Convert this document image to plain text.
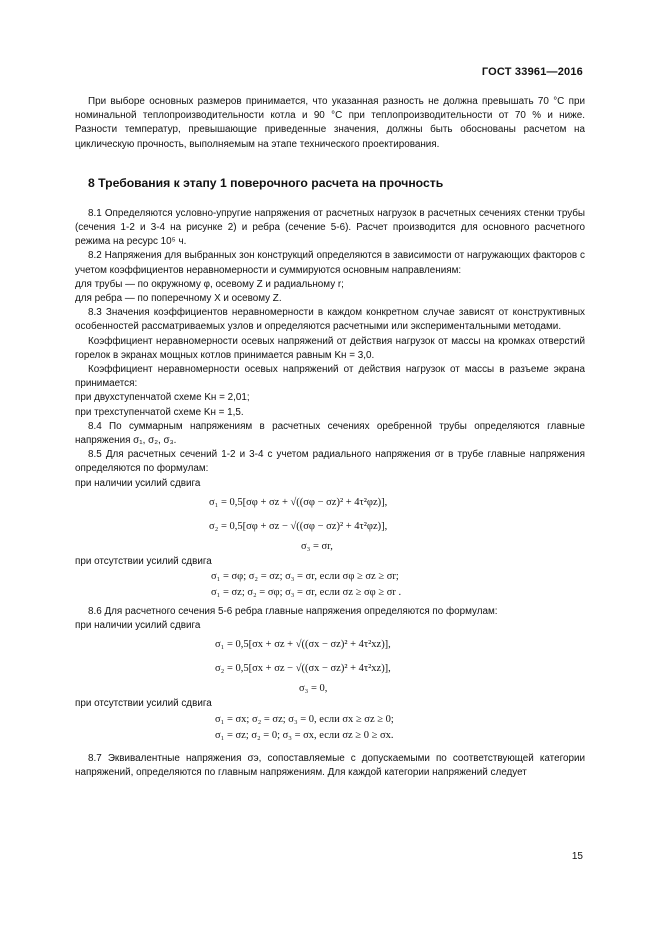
ГОСТ 33961—2016

При выборе основных размеров принимается, что указанная разность не должна превышать 70 °С при номинальной теплопроизводительности котла и 90 °С при теплопроизводительности от 70 % и ниже. Разности температур, превышающие приведенные значения, должны быть обоснованы расчетом на циклическую прочность, выполняемым на этапе технического проектирования.

8 Требования к этапу 1 поверочного расчета на прочность

8.1 Определяются условно-упругие напряжения от расчетных нагрузок в расчетных сечениях стенки трубы (сечения 1-2 и 3-4 на рисунке 2) и ребра (сечение 5-6). Расчет производится для основного расчетного режима на ресурс 10⁵ ч.

8.2 Напряжения для выбранных зон конструкций определяются в зависимости от нагружающих факторов с учетом коэффициентов неравномерности и суммируются основным направлениям:

для трубы — по окружному φ, осевому Z и радиальному r;

для ребра — по поперечному X и осевому Z.

8.3 Значения коэффициентов неравномерности в каждом конкретном случае зависят от конструктивных особенностей рассматриваемых узлов и определяются расчетными или экспериментальными методами.

Коэффициент неравномерности осевых напряжений от действия нагрузок от массы на кромках отверстий горелок в экранах мощных котлов принимается равным Kн = 3,0.

Коэффициент неравномерности осевых напряжений от действия нагрузок от массы в разъеме экрана принимается:

при двухступенчатой схеме Kн = 2,01;

при трехступенчатой схеме Kн = 1,5.

8.4 По суммарным напряжениям в расчетных сечениях оребренной трубы определяются главные напряжения σ₁, σ₂, σ₃.

8.5 Для расчетных сечений 1-2 и 3-4 с учетом радиального напряжения σr в трубе главные напряжения определяются по формулам:

при наличии усилий сдвига

σ₁ = 0,5[σφ + σz + √((σφ − σz)² + 4τ²φz)],

σ₂ = 0,5[σφ + σz − √((σφ − σz)² + 4τ²φz)],

σ₃ = σr,

при отсутствии усилий сдвига

σ₁ = σφ; σ₂ = σz; σ₃ = σr, если σφ ≥ σz ≥ σr;

σ₁ = σz; σ₂ = σφ; σ₃ = σr, если σz ≥ σφ ≥ σr .

8.6 Для расчетного сечения 5-6 ребра главные напряжения определяются по формулам:

при наличии усилий сдвига

σ₁ = 0,5[σx + σz + √((σx − σz)² + 4τ²xz)],

σ₂ = 0,5[σx + σz − √((σx − σz)² + 4τ²xz)],

σ₃ = 0,

при отсутствии усилий сдвига

σ₁ = σx; σ₂ = σz; σ₃ = 0, если σx ≥ σz ≥ 0;

σ₁ = σz; σ₂ = 0; σ₃ = σx, если σz ≥ 0 ≥ σx.

8.7 Эквивалентные напряжения σэ, сопоставляемые с допускаемыми по соответствующей категории напряжений, определяются по главным напряжениям. Для каждой категории напряжений следует

15
